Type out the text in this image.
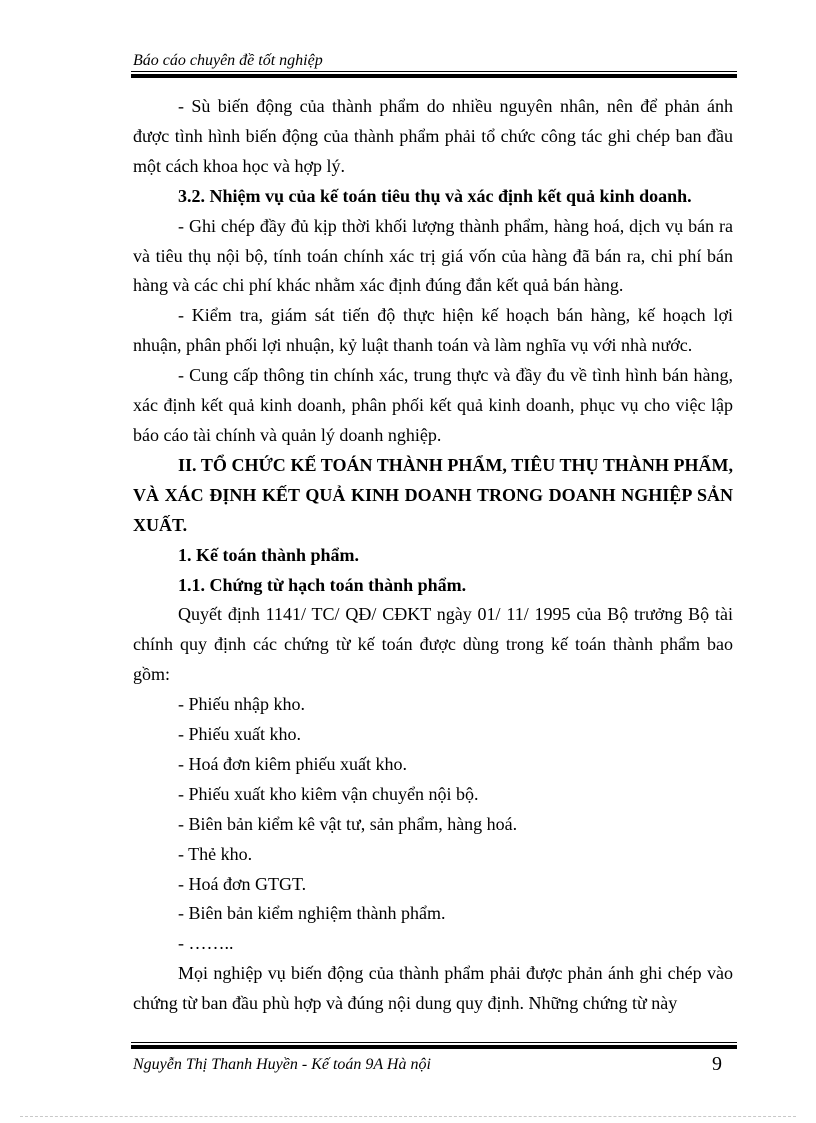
Báo cáo chuyên đề tốt nghiệp

- Sù biến động của thành phẩm do nhiều nguyên nhân, nên để phản ánh được tình hình biến động của thành phẩm phải tổ chức công tác ghi chép ban đầu một cách khoa học và hợp lý.

3.2. Nhiệm vụ của kế toán tiêu thụ và xác định kết quả kinh doanh.

- Ghi chép đầy đủ kịp thời khối lượng thành phẩm, hàng hoá, dịch vụ bán ra và tiêu thụ nội bộ, tính toán chính xác trị giá vốn của hàng đã bán ra, chi phí bán hàng và các chi phí khác nhằm xác định đúng đắn kết quả bán hàng.

- Kiểm tra, giám sát tiến độ thực hiện kế hoạch bán hàng, kế hoạch lợi nhuận, phân phối lợi nhuận, kỷ luật thanh toán và làm nghĩa vụ với nhà nước.

- Cung cấp thông tin chính xác, trung thực và đầy đu về tình hình bán hàng, xác định kết quả kinh doanh, phân phối kết quả kinh doanh, phục vụ cho việc lập báo cáo tài chính và quản lý doanh nghiệp.

II. TỔ CHỨC KẾ TOÁN THÀNH PHẨM, TIÊU THỤ THÀNH PHẨM, VÀ XÁC ĐỊNH KẾT QUẢ KINH DOANH TRONG DOANH NGHIỆP SẢN XUẤT.

1. Kế toán thành phẩm.

1.1. Chứng từ hạch toán thành phẩm.

Quyết định 1141/ TC/ QĐ/ CĐKT ngày 01/ 11/ 1995 của Bộ trưởng Bộ tài chính quy định các chứng từ kế toán được dùng trong kế toán thành phẩm bao gồm:

- Phiếu nhập kho.

- Phiếu xuất kho.

- Hoá đơn kiêm phiếu xuất kho.

- Phiếu xuất kho kiêm vận chuyển nội bộ.

- Biên bản kiểm kê vật tư, sản phẩm, hàng hoá.

- Thẻ kho.

- Hoá đơn GTGT.

- Biên bản kiểm nghiệm thành phẩm.

- ……..

Mọi nghiệp vụ biến động của thành phẩm phải được phản ánh ghi chép vào chứng từ ban đầu phù hợp và đúng nội dung quy định. Những chứng từ này

Nguyễn Thị Thanh Huyền - Kế toán 9A Hà nội	9
